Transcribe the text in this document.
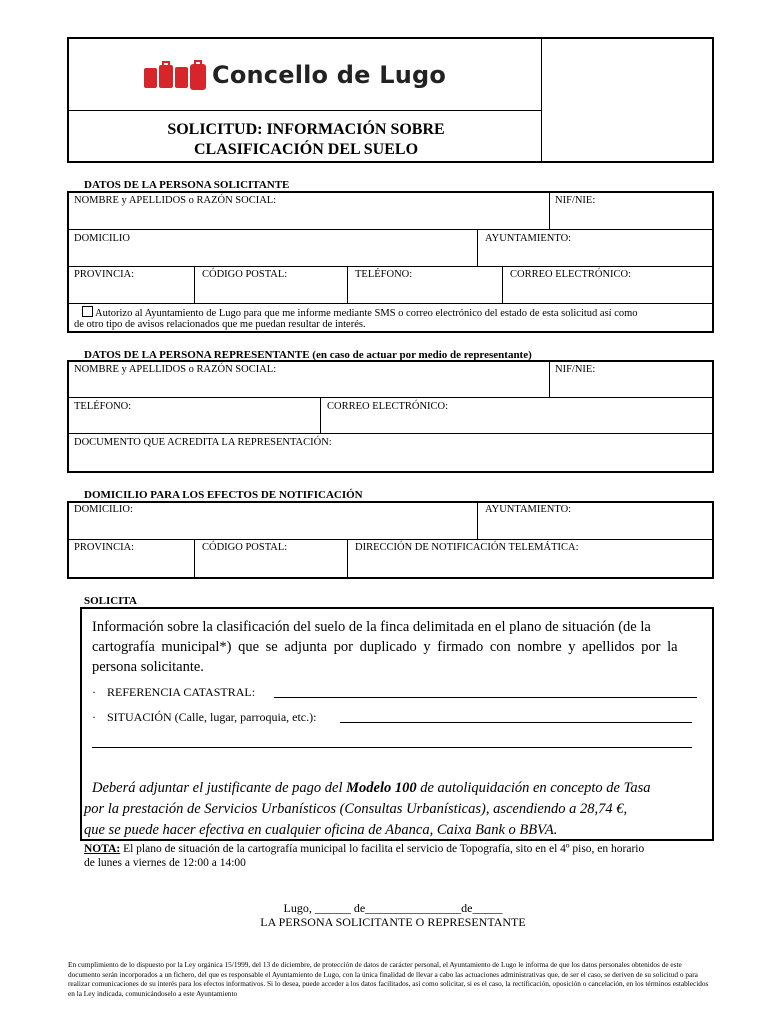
Concello de Lugo
SOLICITUD: INFORMACIÓN SOBRE
CLASIFICACIÓN DEL SUELO
DATOS DE LA PERSONA SOLICITANTE
NOMBRE y APELLIDOS o RAZÓN SOCIAL:	NIF/NIE:
DOMICILIO	AYUNTAMIENTO:
PROVINCIA:	CÓDIGO POSTAL:	TELÉFONO:	CORREO ELECTRÓNICO:
Autorizo al Ayuntamiento de Lugo para que me informe mediante SMS o correo electrónico del estado de esta solicitud así como
de otro tipo de avisos relacionados que me puedan resultar de interés.
DATOS DE LA PERSONA REPRESENTANTE (en caso de actuar por medio de representante)
NOMBRE y APELLIDOS o RAZÓN SOCIAL:	NIF/NIE:
TELÉFONO:	CORREO ELECTRÓNICO:
DOCUMENTO QUE ACREDITA LA REPRESENTACIÓN:
DOMICILIO PARA LOS EFECTOS DE NOTIFICACIÓN
DOMICILIO:	AYUNTAMIENTO:
PROVINCIA:	CÓDIGO POSTAL:	DIRECCIÓN DE NOTIFICACIÓN TELEMÁTICA:
SOLICITA
Información sobre la clasificación del suelo de la finca delimitada en el plano de situación (de la
cartografía municipal*) que se adjunta por duplicado y firmado con nombre y apellidos por la
persona solicitante.
· REFERENCIA CATASTRAL:
· SITUACIÓN (Calle, lugar, parroquia, etc.):
Deberá adjuntar el justificante de pago del Modelo 100 de autoliquidación en concepto de Tasa
por la prestación de Servicios Urbanísticos (Consultas Urbanísticas), ascendiendo a 28,74 €,
que se puede hacer efectiva en cualquier oficina de Abanca, Caixa Bank o BBVA.
NOTA: El plano de situación de la cartografía municipal lo facilita el servicio de Topografía, sito en el 4º piso, en horario
de lunes a viernes de 12:00 a 14:00
Lugo, ______ de________________de_____
LA PERSONA SOLICITANTE O REPRESENTANTE
En cumplimiento de lo dispuesto por la Ley orgánica 15/1999, del 13 de diciembre, de protección de datos de carácter personal, el Ayuntamiento de Lugo le informa de que los datos personales obtenidos de este documento serán incorporados a un fichero, del que es responsable el Ayuntamiento de Lugo, con la única finalidad de llevar a cabo las actuaciones administrativas que, de ser el caso, se deriven de su solicitud o para realizar comunicaciones de su interés para los efectos informativos. Si lo desea, puede acceder a los datos facilitados, así como solicitar, si es el caso, la rectificación, oposición o cancelación, en los términos establecidos en la Ley indicada, comunicándoselo a este Ayuntamiento
